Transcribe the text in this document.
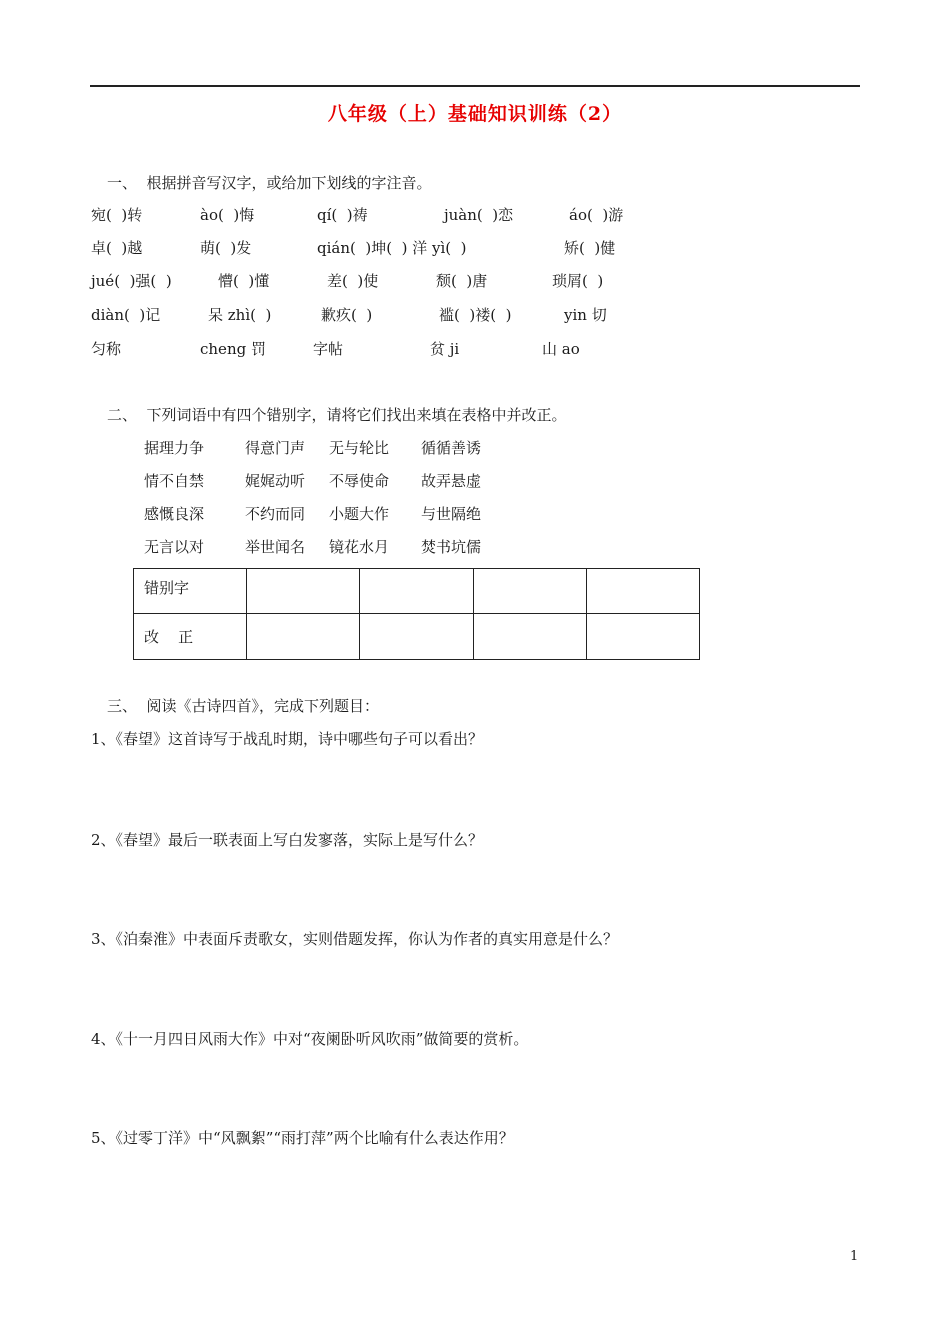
八年级（上）基础知识训练（2）
一、  根据拼音写汉字，或给加下划线的字注音。
宛(  )转	ào(  )悔	qí(  )祷	juàn(  )恋	áo(  )游
卓(  )越	萌(  )发	qián(  )坤(  ) 洋 yì(  )	矫(  )健
jué(  )强(  )	懵(  )懂	差(  )使	颓(  )唐	琐屑(  )
diàn(  )记	呆 zhì(  )	歉疚(  )	褴(  )褛(  )	yin 切
匀称	cheng 罚	字帖	贫 ji	山 ao
二、  下列词语中有四个错别字，请将它们找出来填在表格中并改正。
据理力争	得意门声 无与轮比 循循善诱
情不自禁	娓娓动听 不辱使命 故弄悬虚
感慨良深	不约而同 小题大作 与世隔绝
无言以对	举世闻名 镜花水月 焚书坑儒
错别字				
改    正				
三、  阅读《古诗四首》，完成下列题目：
1、《春望》这首诗写于战乱时期，诗中哪些句子可以看出？
2、《春望》最后一联表面上写白发寥落，实际上是写什么？
3、《泊秦淮》中表面斥责歌女，实则借题发挥，你认为作者的真实用意是什么？
4、《十一月四日风雨大作》中对“夜阑卧听风吹雨”做简要的赏析。
5、《过零丁洋》中“风飘絮”“雨打萍”两个比喻有什么表达作用？
1
